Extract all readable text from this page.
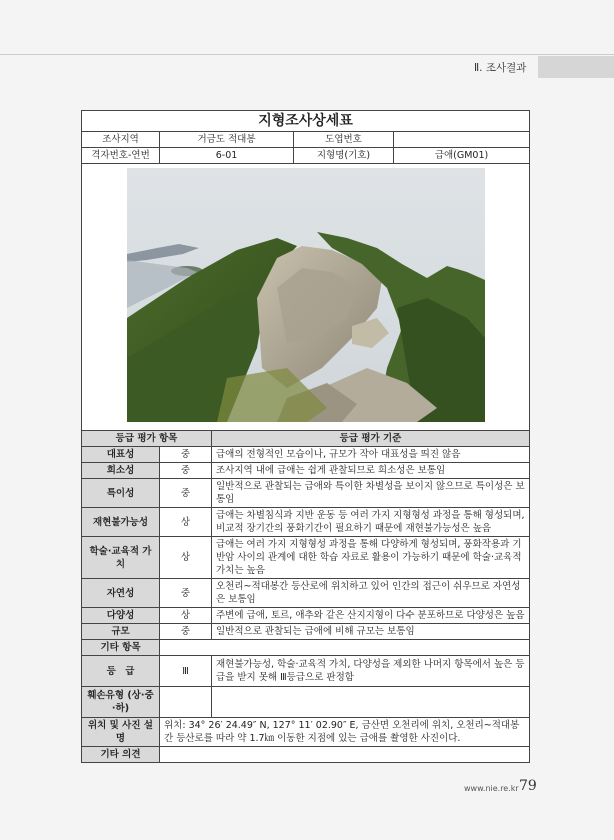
Ⅱ. 조사결과
지형조사상세표				
조사지역	거금도 적대봉		도엽번호	
격자번호-연번	6-01		지형명(기호)	급애(GM01)

등급 평가 항목		등급 평가 기준		
대표성	중	급애의 전형적인 모습이나, 규모가 작아 대표성을 띄진 않음		
희소성	중	조사지역 내에 급애는 쉽게 관찰되므로 희소성은 보통임		
특이성	중	일반적으로 관찰되는 급애와 특이한 차별성을 보이지 않으므로 특이성은 보통임		
재현불가능성	상	급애는 차별침식과 지반 운동 등 여러 가지 지형형성 과정을 통해 형성되며, 비교적 장기간의 풍화기간이 필요하기 때문에 재현불가능성은 높음		
학술·교육적 가치	상	급애는 여러 가지 지형형성 과정을 통해 다양하게 형성되며, 풍화작용과 기반암 사이의 관계에 대한 학습 자료로 활용이 가능하기 때문에 학술·교육적 가치는 높음		
자연성	중	오천리~적대봉간 등산로에 위치하고 있어 인간의 접근이 쉬우므로 자연성은 보통임		
다양성	상	주변에 급애, 토르, 애추와 같은 산지지형이 다수 분포하므로 다양성은 높음		
규모	중	일반적으로 관찰되는 급애에 비해 규모는 보통임		
기타 항목				
등　급	Ⅲ	재현불가능성, 학술·교육적 가치, 다양성을 제외한 나머지 항목에서 높은 등급을 받지 못해 Ⅲ등급으로 판정함		
훼손유형 (상·중·하)				
위치 및 사진 설명	위치: 34° 26′ 24.49″ N, 127° 11′ 02.90″ E, 금산면 오천리에 위치, 오천리~적대봉간 등산로를 따라 약 1.7㎞ 이동한 지점에 있는 급애를 촬영한 사진이다.			
기타 의견				
www.nie.re.kr 79
